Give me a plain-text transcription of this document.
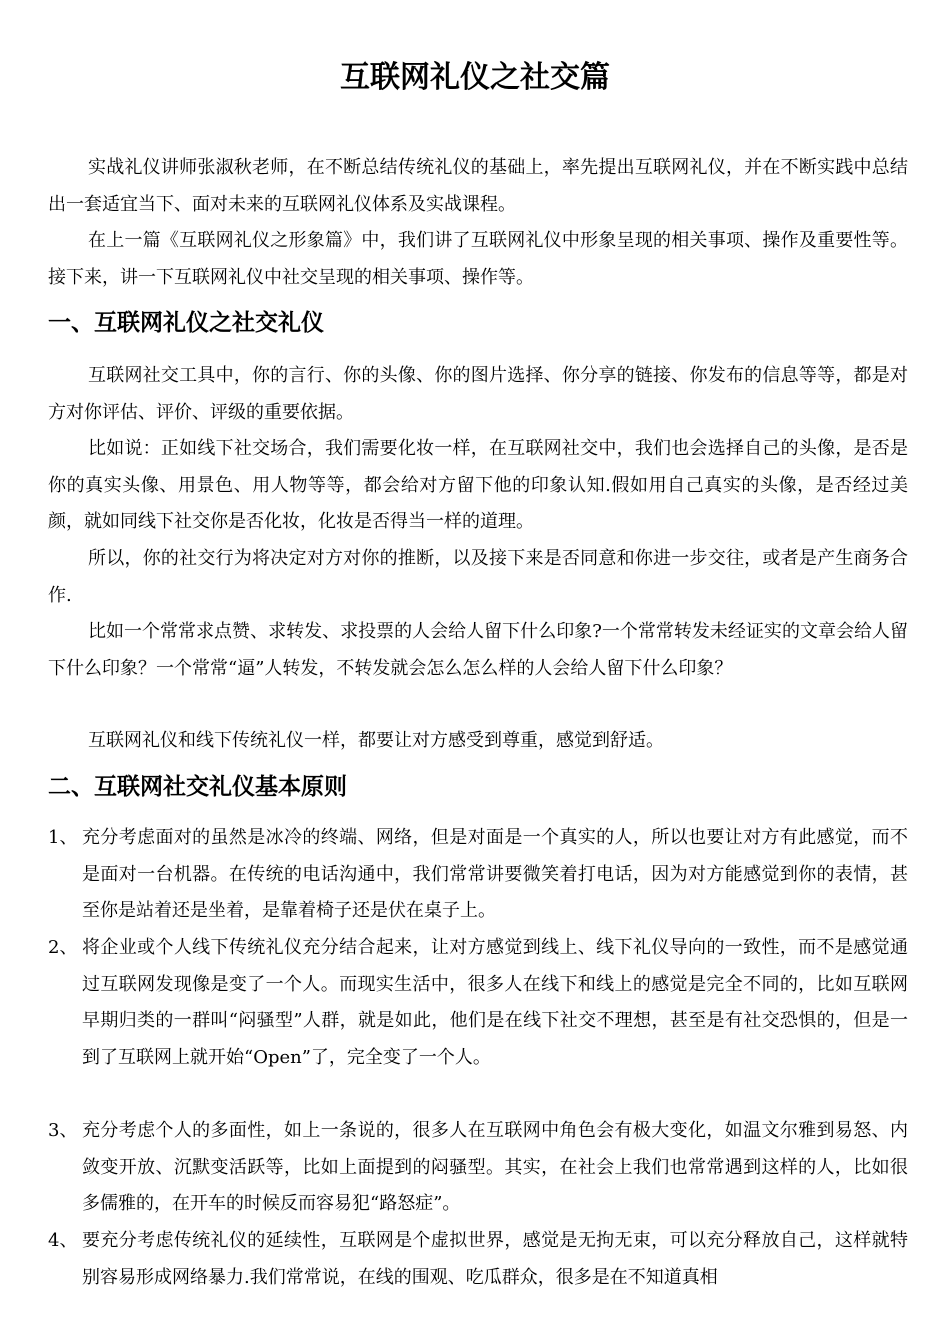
互联网礼仪之社交篇

实战礼仪讲师张淑秋老师，在不断总结传统礼仪的基础上，率先提出互联网礼仪，并在不断实践中总结出一套适宜当下、面对未来的互联网礼仪体系及实战课程。

在上一篇《互联网礼仪之形象篇》中，我们讲了互联网礼仪中形象呈现的相关事项、操作及重要性等。接下来，讲一下互联网礼仪中社交呈现的相关事项、操作等。

一、互联网礼仪之社交礼仪

互联网社交工具中，你的言行、你的头像、你的图片选择、你分享的链接、你发布的信息等等，都是对方对你评估、评价、评级的重要依据。

比如说：正如线下社交场合，我们需要化妆一样，在互联网社交中，我们也会选择自己的头像，是否是你的真实头像、用景色、用人物等等，都会给对方留下他的印象认知.假如用自己真实的头像，是否经过美颜，就如同线下社交你是否化妆，化妆是否得当一样的道理。

所以，你的社交行为将决定对方对你的推断，以及接下来是否同意和你进一步交往，或者是产生商务合作.

比如一个常常求点赞、求转发、求投票的人会给人留下什么印象?一个常常转发未经证实的文章会给人留下什么印象？一个常常“逼”人转发，不转发就会怎么怎么样的人会给人留下什么印象？

互联网礼仪和线下传统礼仪一样，都要让对方感受到尊重，感觉到舒适。

二、互联网社交礼仪基本原则
1、 充分考虑面对的虽然是冰冷的终端、网络，但是对面是一个真实的人，所以也要让对方有此感觉，而不是面对一台机器。在传统的电话沟通中，我们常常讲要微笑着打电话，因为对方能感觉到你的表情，甚至你是站着还是坐着，是靠着椅子还是伏在桌子上。
2、 将企业或个人线下传统礼仪充分结合起来，让对方感觉到线上、线下礼仪导向的一致性，而不是感觉通过互联网发现像是变了一个人。而现实生活中，很多人在线下和线上的感觉是完全不同的，比如互联网早期归类的一群叫“闷骚型”人群，就是如此，他们是在线下社交不理想，甚至是有社交恐惧的，但是一到了互联网上就开始“Open”了，完全变了一个人。
3、 充分考虑个人的多面性，如上一条说的，很多人在互联网中角色会有极大变化，如温文尔雅到易怒、内敛变开放、沉默变活跃等，比如上面提到的闷骚型。其实，在社会上我们也常常遇到这样的人，比如很多儒雅的，在开车的时候反而容易犯“路怒症”。
4、 要充分考虑传统礼仪的延续性，互联网是个虚拟世界，感觉是无拘无束，可以充分释放自己，这样就特别容易形成网络暴力.我们常常说，在线的围观、吃瓜群众，很多是在不知道真相
